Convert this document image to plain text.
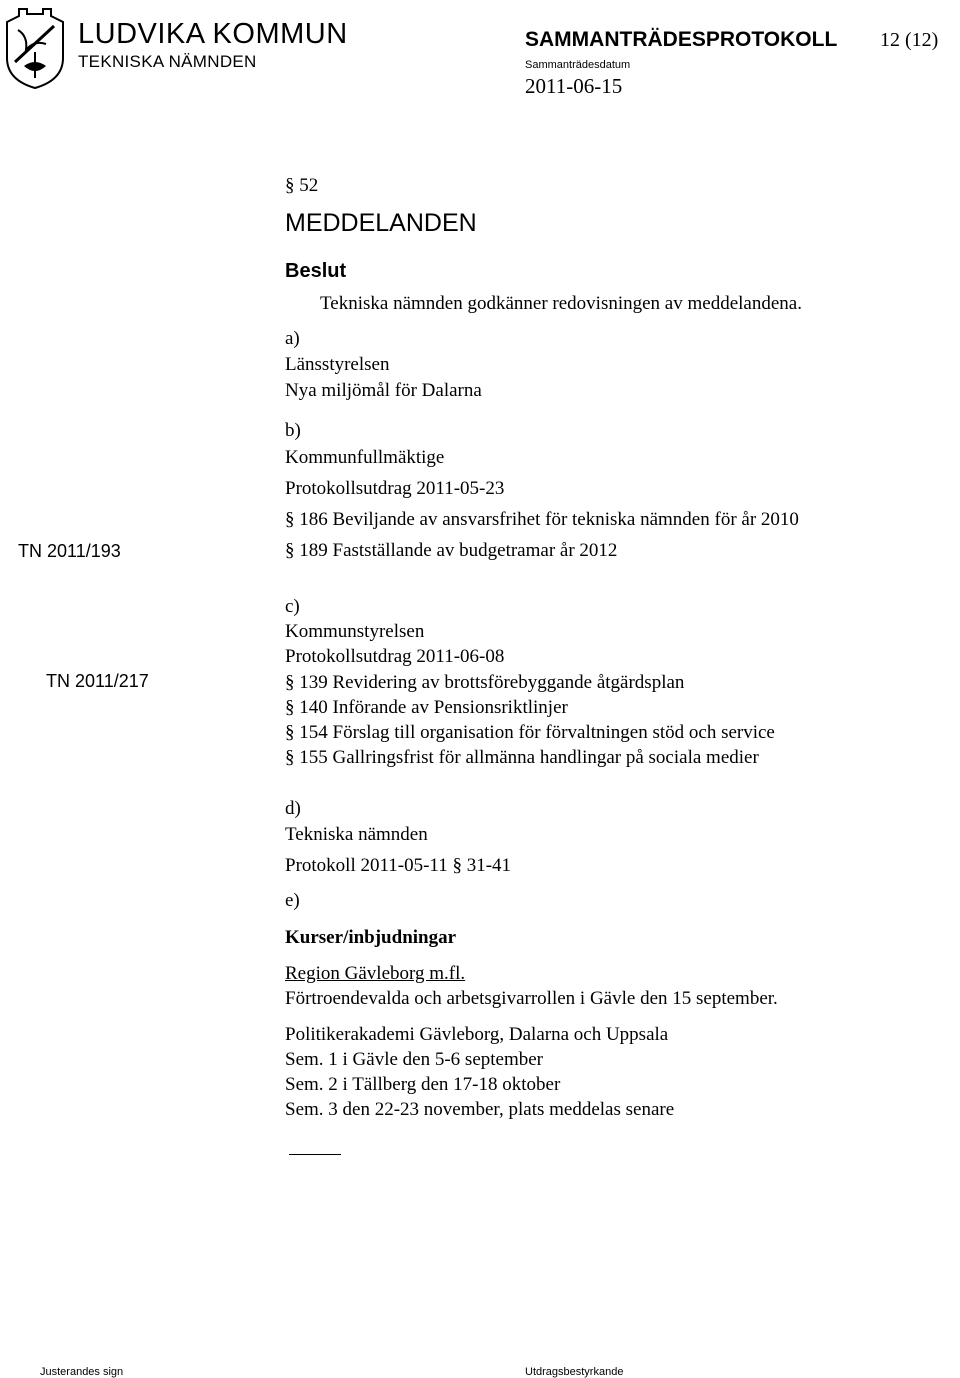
LUDVIKA KOMMUN
TEKNISKA NÄMNDEN
SAMMANTRÄDESPROTOKOLL 12 (12)
Sammanträdesdatum
2011-06-15
§ 52
MEDDELANDEN
Beslut
Tekniska nämnden godkänner redovisningen av meddelandena.
a)
Länsstyrelsen
Nya miljömål för Dalarna
b)
Kommunfullmäktige
Protokollsutdrag 2011-05-23
§ 186 Beviljande av ansvarsfrihet för tekniska nämnden för år 2010
TN 2011/193	§ 189 Fastställande av budgetramar år 2012
c)
Kommunstyrelsen
Protokollsutdrag 2011-06-08
TN 2011/217	§ 139 Revidering av brottsförebyggande åtgärdsplan
§ 140 Införande av Pensionsriktlinjer
§ 154 Förslag till organisation för förvaltningen stöd och service
§ 155 Gallringsfrist för allmänna handlingar på sociala medier
d)
Tekniska nämnden
Protokoll 2011-05-11 § 31-41
e)
Kurser/inbjudningar
Region Gävleborg m.fl.
Förtroendevalda och arbetsgivarrollen i Gävle den 15 september.
Politikerakademi Gävleborg, Dalarna och Uppsala
Sem. 1 i Gävle den 5-6 september
Sem. 2 i Tällberg den 17-18 oktober
Sem. 3 den 22-23 november, plats meddelas senare
Justerandes sign	Utdragsbestyrkande
